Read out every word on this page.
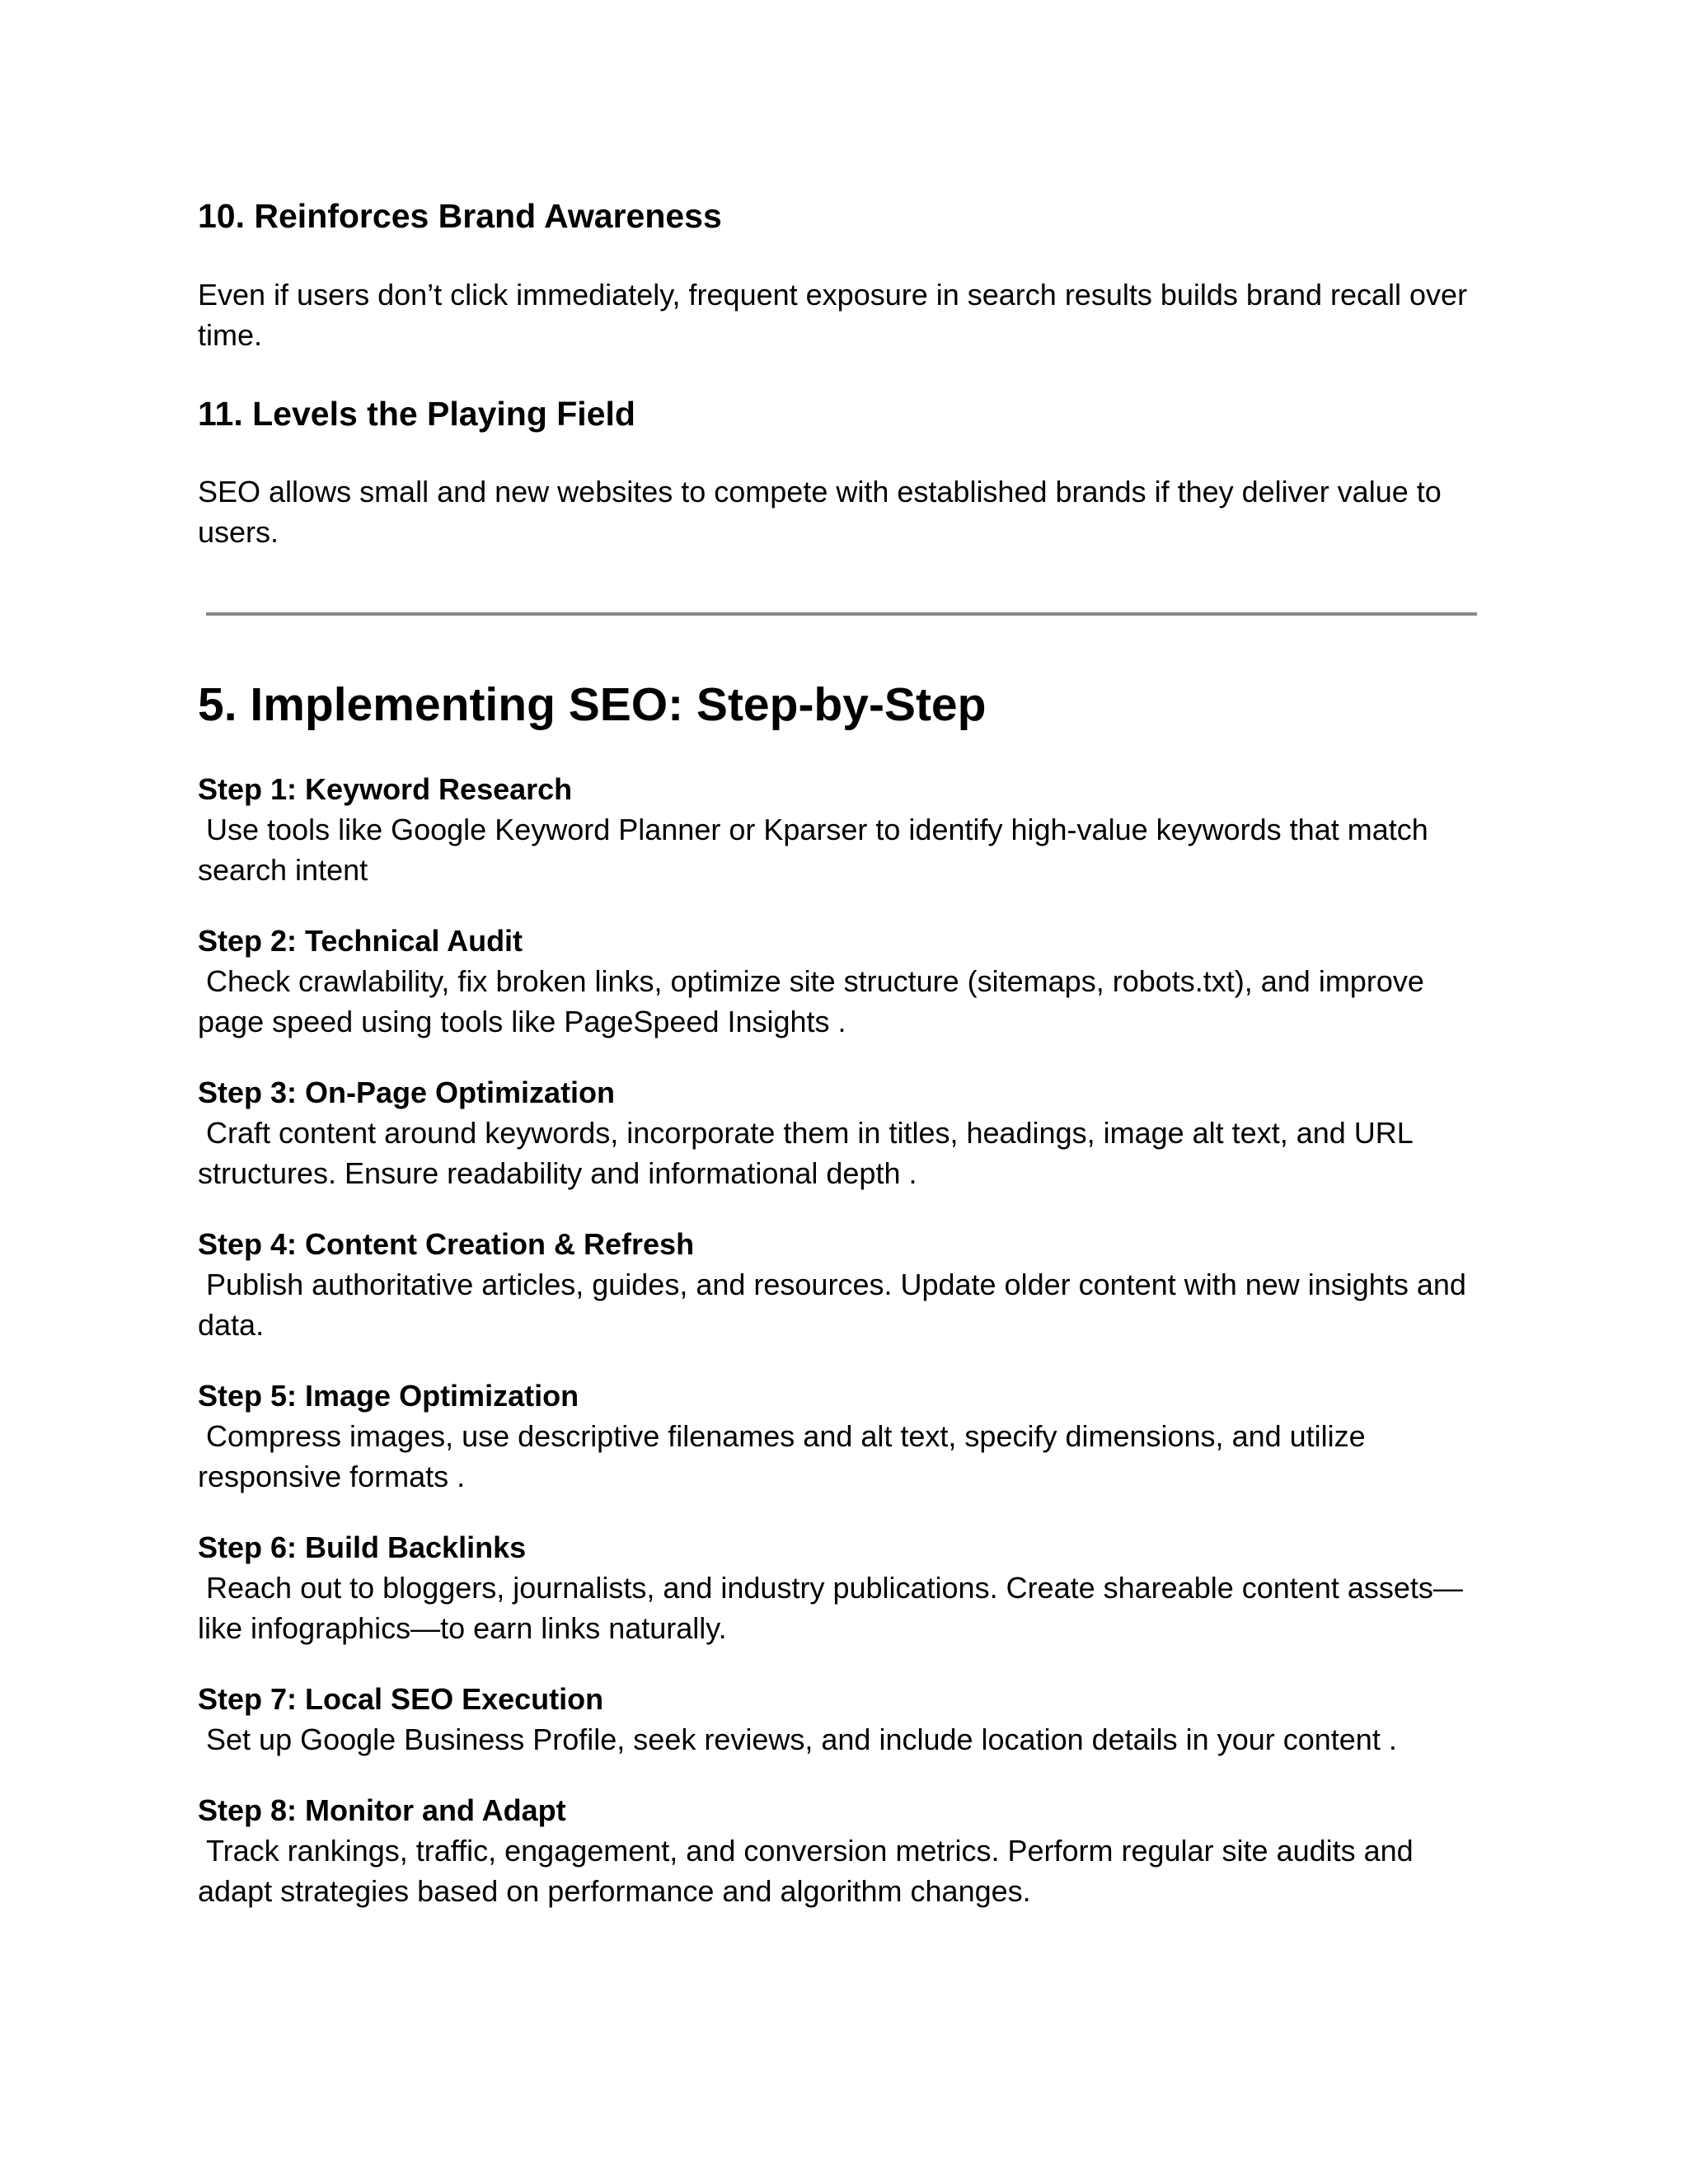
10. Reinforces Brand Awareness

Even if users don’t click immediately, frequent exposure in search results builds brand recall over time.

11. Levels the Playing Field

SEO allows small and new websites to compete with established brands if they deliver value to users.

5. Implementing SEO: Step-by-Step
Step 1: Keyword Research
Use tools like Google Keyword Planner or Kparser to identify high-value keywords that match search intent
Step 2: Technical Audit
Check crawlability, fix broken links, optimize site structure (sitemaps, robots.txt), and improve page speed using tools like PageSpeed Insights .
Step 3: On‑Page Optimization
Craft content around keywords, incorporate them in titles, headings, image alt text, and URL structures. Ensure readability and informational depth .
Step 4: Content Creation & Refresh
Publish authoritative articles, guides, and resources. Update older content with new insights and data.
Step 5: Image Optimization
Compress images, use descriptive filenames and alt text, specify dimensions, and utilize responsive formats .
Step 6: Build Backlinks
Reach out to bloggers, journalists, and industry publications. Create shareable content assets—like infographics—to earn links naturally.
Step 7: Local SEO Execution
Set up Google Business Profile, seek reviews, and include location details in your content .
Step 8: Monitor and Adapt
Track rankings, traffic, engagement, and conversion metrics. Perform regular site audits and adapt strategies based on performance and algorithm changes.
